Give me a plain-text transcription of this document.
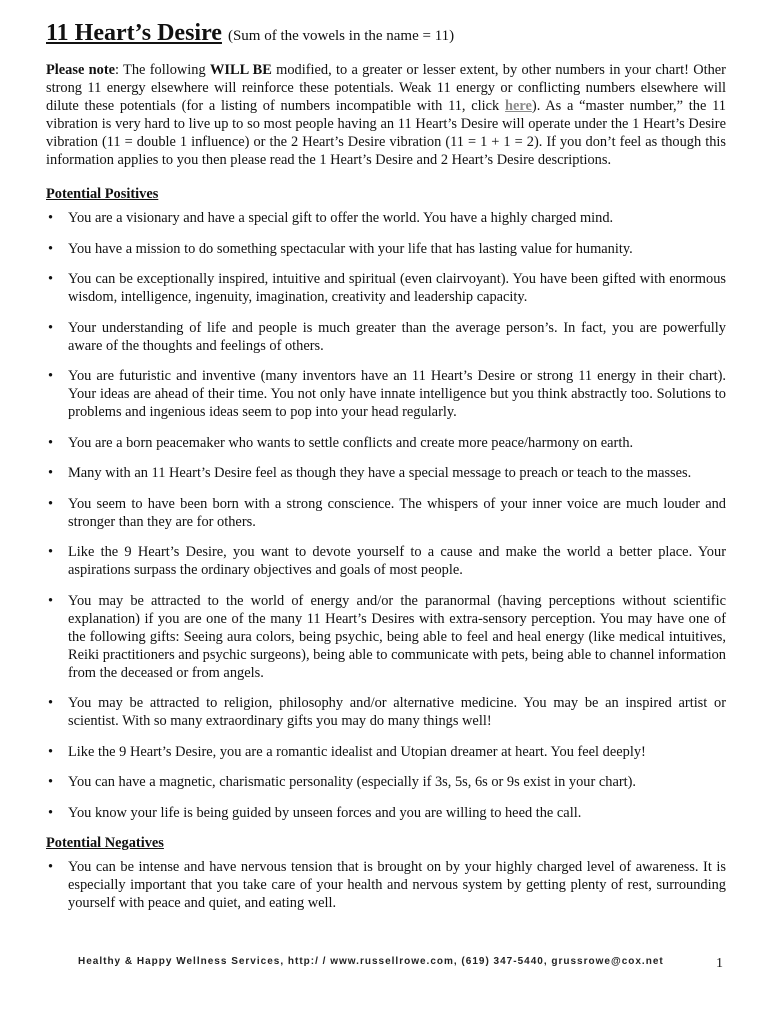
11 Heart’s Desire (Sum of the vowels in the name = 11)

Please note: The following WILL BE modified, to a greater or lesser extent, by other numbers in your chart! Other strong 11 energy elsewhere will reinforce these potentials. Weak 11 energy or conflicting numbers elsewhere will dilute these potentials (for a listing of numbers incompatible with 11, click here). As a “master number,” the 11 vibration is very hard to live up to so most people having an 11 Heart’s Desire will operate under the 1 Heart’s Desire vibration (11 = double 1 influence) or the 2 Heart’s Desire vibration (11 = 1 + 1 = 2). If you don’t feel as though this information applies to you then please read the 1 Heart’s Desire and 2 Heart’s Desire descriptions.

Potential Positives
• You are a visionary and have a special gift to offer the world. You have a highly charged mind.
• You have a mission to do something spectacular with your life that has lasting value for humanity.
• You can be exceptionally inspired, intuitive and spiritual (even clairvoyant). You have been gifted with enormous wisdom, intelligence, ingenuity, imagination, creativity and leadership capacity.
• Your understanding of life and people is much greater than the average person’s. In fact, you are powerfully aware of the thoughts and feelings of others.
• You are futuristic and inventive (many inventors have an 11 Heart’s Desire or strong 11 energy in their chart). Your ideas are ahead of their time. You not only have innate intelligence but you think abstractly too. Solutions to problems and ingenious ideas seem to pop into your head regularly.
• You are a born peacemaker who wants to settle conflicts and create more peace/harmony on earth.
• Many with an 11 Heart’s Desire feel as though they have a special message to preach or teach to the masses.
• You seem to have been born with a strong conscience. The whispers of your inner voice are much louder and stronger than they are for others.
• Like the 9 Heart’s Desire, you want to devote yourself to a cause and make the world a better place. Your aspirations surpass the ordinary objectives and goals of most people.
• You may be attracted to the world of energy and/or the paranormal (having perceptions without scientific explanation) if you are one of the many 11 Heart’s Desires with extra-sensory perception. You may have one of the following gifts: Seeing aura colors, being psychic, being able to feel and heal energy (like medical intuitives, Reiki practitioners and psychic surgeons), being able to communicate with pets, being able to channel information from the deceased or from angels.
• You may be attracted to religion, philosophy and/or alternative medicine. You may be an inspired artist or scientist. With so many extraordinary gifts you may do many things well!
• Like the 9 Heart’s Desire, you are a romantic idealist and Utopian dreamer at heart. You feel deeply!
• You can have a magnetic, charismatic personality (especially if 3s, 5s, 6s or 9s exist in your chart).
• You know your life is being guided by unseen forces and you are willing to heed the call.
Potential Negatives
• You can be intense and have nervous tension that is brought on by your highly charged level of awareness. It is especially important that you take care of your health and nervous system by getting plenty of rest, surrounding yourself with peace and quiet, and eating well.
Healthy & Happy Wellness Services, http:/ / www.russellrowe.com, (619) 347-5440, grussrowe@cox.net	1
